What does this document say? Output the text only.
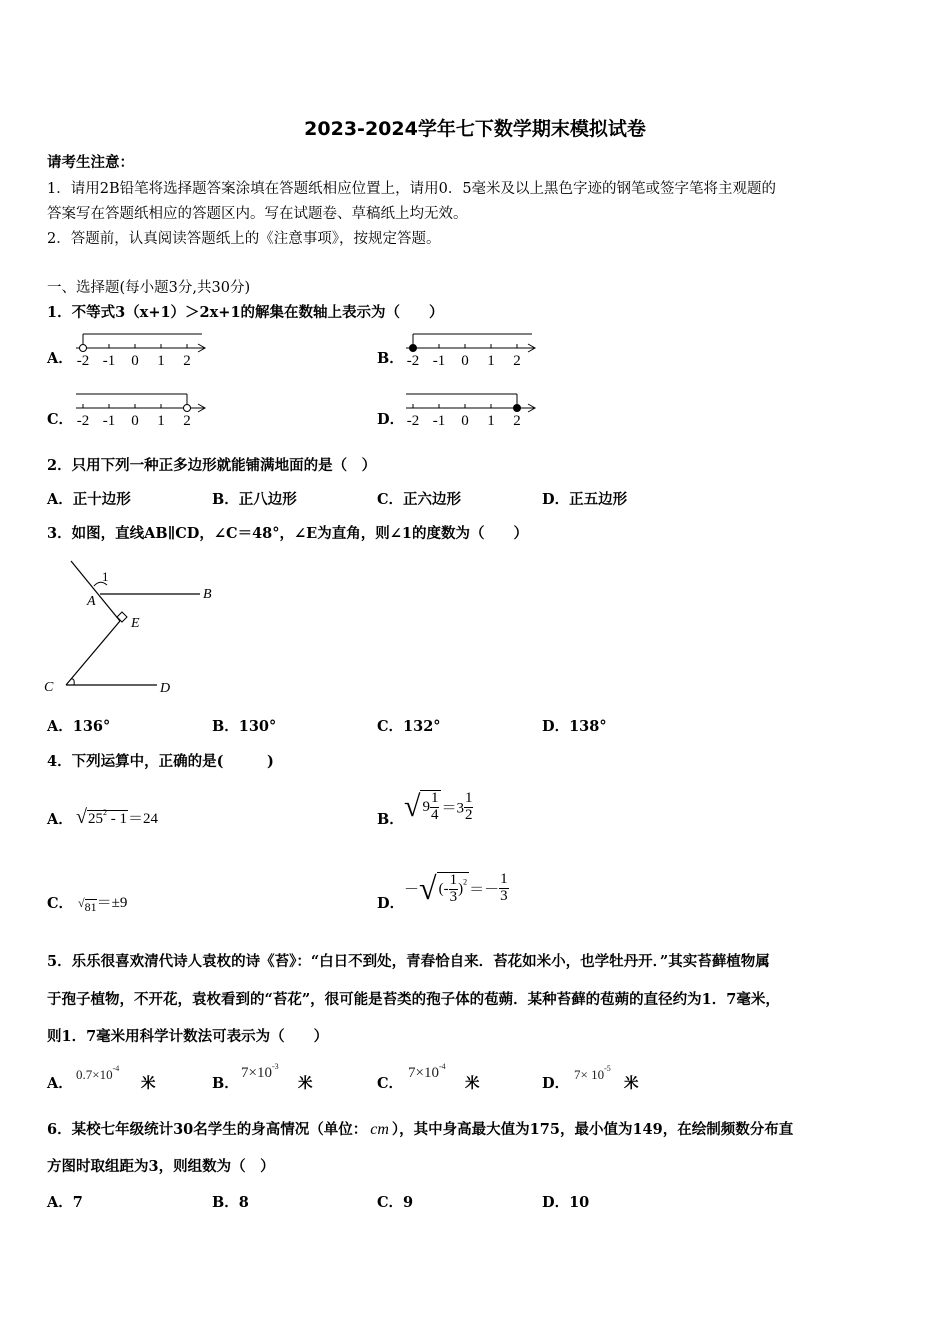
2023-2024学年七下数学期末模拟试卷
请考生注意：
1．请用2B铅笔将选择题答案涂填在答题纸相应位置上，请用0．5毫米及以上黑色字迹的钢笔或签字笔将主观题的
答案写在答题纸相应的答题区内。写在试题卷、草稿纸上均无效。
2．答题前，认真阅读答题纸上的《注意事项》，按规定答题。
一、选择题(每小题3分,共30分)
1．不等式3（x+1）＞2x+1的解集在数轴上表示为（　　）
A．	B．
C．	D．
-2 -1 0 1 2	-2 -1 0 1 2
-2 -1 0 1 2	-2 -1 0 1 2
2．只用下列一种正多边形就能铺满地面的是（　）
A．正十边形	B．正八边形	C．正六边形	D．正五边形
3．如图，直线AB∥CD，∠C＝48°，∠E为直角，则∠1的度数为（　　）
1
A	B
E
C	D
A．136°	B．130°	C．132°	D．138°
4．下列运算中，正确的是(　　　)
A． $√25^2 - 1=24$	B． √ $9 \frac{1}{4} =3 \frac{1}{2}$
C． $√_{81}=\pm 9$	D．
－√ (- $\frac{1}{3} )^2=- \frac{1}{3}$
5．乐乐很喜欢清代诗人袁枚的诗《苔》：“白日不到处，青春恰自来．苔花如米小，也学牡丹开．”其实苔藓植物属
于孢子植物，不开花，袁枚看到的“苔花”，很可能是苔类的孢子体的苞蒴．某种苔藓的苞蒴的直径约为1．7毫米，
则1．7毫米用科学计数法可表示为（　　）
A．
$0.7\times 10^{-4}$
米	B．
$7\times 10^{-3}$
米	C．
$7\times 10^{-4}$
米	D．
$7\times 10^{-5}$
米
6．某校七年级统计30名学生的身高情况（单位： cm ），其中身高最大值为175，最小值为149，在绘制频数分布直
方图时取组距为3，则组数为（　）
A．7	B．8	C．9	D．10
